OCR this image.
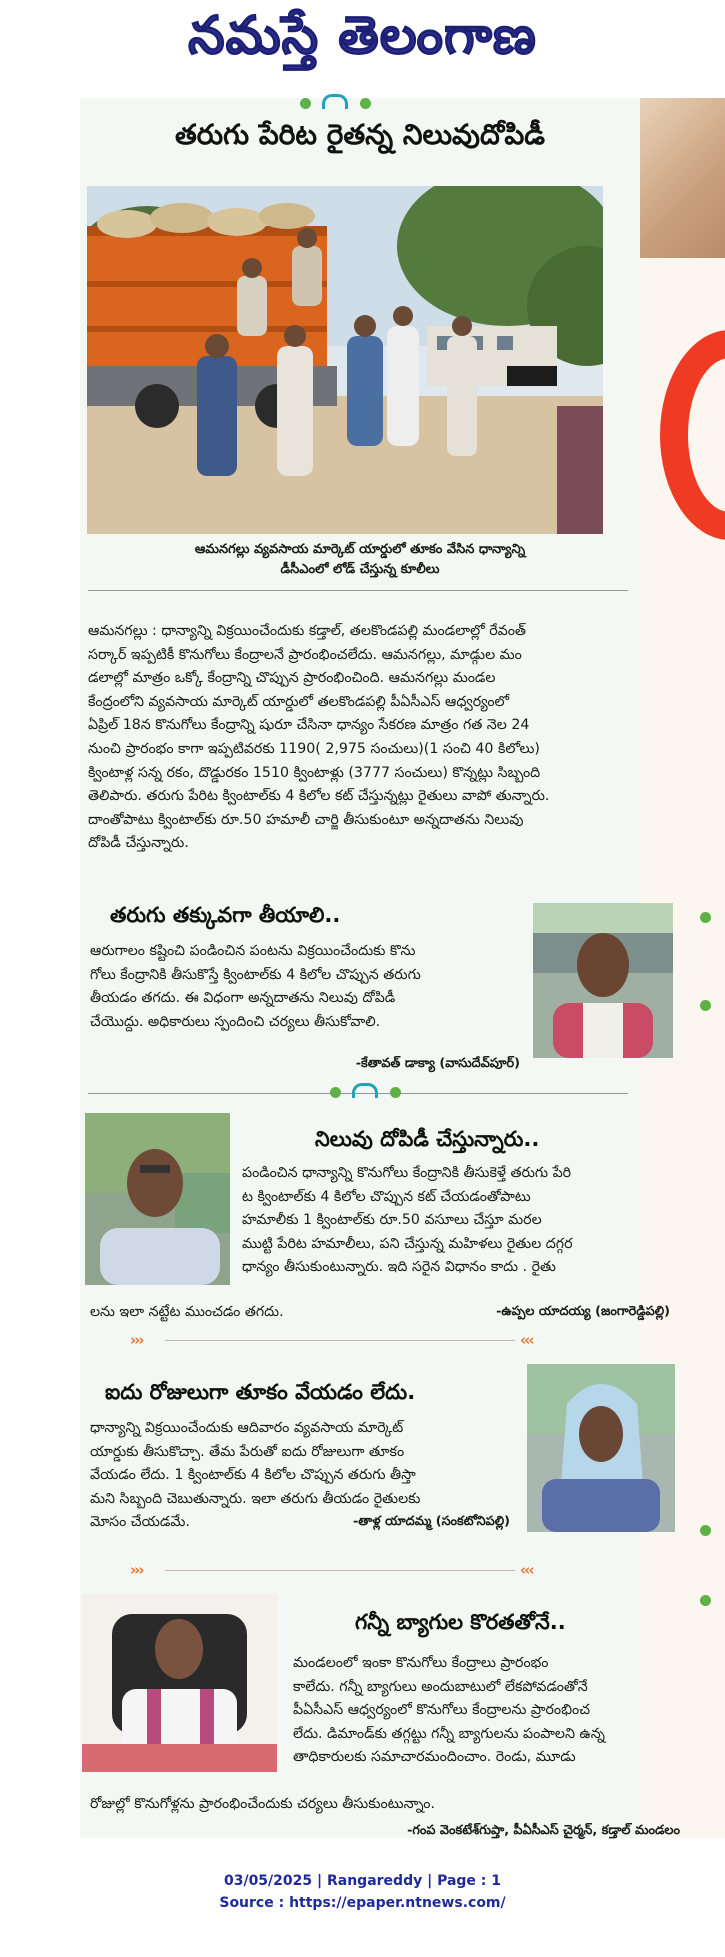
నమస్తే తెలంగాణ
తరుగు పేరిట రైతన్న నిలువుదోపిడీ
ఆమనగల్లు వ్యవసాయ మార్కెట్ యార్డులో తూకం వేసిన ధాన్యాన్ని
డీసీఎంలో లోడ్ చేస్తున్న కూలీలు
ఆమనగల్లు : ధాన్యాన్ని విక్రయించేందుకు కడ్తాల్, తలకొండపల్లి మండలాల్లో రేవంత్
సర్కార్ ఇప్పటికీ కొనుగోలు కేంద్రాలనే ప్రారంభించలేదు. ఆమనగల్లు, మాడ్గుల మం
డలాల్లో మాత్రం ఒక్కో కేంద్రాన్ని చొప్పున ప్రారంభించింది. ఆమనగల్లు మండల
కేంద్రంలోని వ్యవసాయ మార్కెట్ యార్డులో తలకొండపల్లి పీఏసీఎస్ ఆధ్వర్యంలో
ఏప్రిల్ 18న కొనుగోలు కేంద్రాన్ని షురూ చేసినా ధాన్యం సేకరణ మాత్రం గత నెల 24
నుంచి ప్రారంభం కాగా ఇప్పటివరకు 1190( 2,975 సంచులు)(1 సంచి 40 కిలోలు)
క్వింటాళ్ల సన్న రకం, దొడ్డురకం 1510 క్వింటాళ్లు (3777 సంచులు) కొన్నట్లు సిబ్బంది
తెలిపారు. తరుగు పేరిట క్వింటాల్‌కు 4 కిలోల కట్ చేస్తున్నట్లు రైతులు వాపో తున్నారు.
దాంతోపాటు క్వింటాల్‌కు రూ.50 హమాలీ చార్జి తీసుకుంటూ అన్నదాతను నిలువు
దోపిడీ చేస్తున్నారు.
తరుగు తక్కువగా తీయాలి..
ఆరుగాలం కష్టించి పండించిన పంటను విక్రయించేందుకు కొను
గోలు కేంద్రానికి తీసుకొస్తే క్వింటాల్‌కు 4 కిలోల చొప్పున తరుగు
తీయడం తగదు. ఈ విధంగా అన్నదాతను నిలువు దోపిడీ
చేయొద్దు. అధికారులు స్పందించి చర్యలు తీసుకోవాలి.
-కేతావత్ డాక్యా (వాసుదేవ్‌పూర్)
నిలువు దోపిడీ చేస్తున్నారు..
పండించిన ధాన్యాన్ని కొనుగోలు కేంద్రానికి తీసుకెళ్తే తరుగు పేరి
ట క్వింటాల్‌కు 4 కిలోల చొప్పున కట్ చేయడంతోపాటు
హమాలీకు 1 క్వింటాల్‌కు రూ.50 వసూలు చేస్తూ మరల
ముట్టి పేరిట హమాలీలు, పని చేస్తున్న మహిళలు రైతుల దగ్గర
ధాన్యం తీసుకుంటున్నారు. ఇది సరైన విధానం కాదు . రైతు
లను ఇలా నట్టేట ముంచడం తగదు.	-ఉప్పల యాదయ్య (జంగారెడ్డిపల్లి)
›››	‹‹‹
ఐదు రోజులుగా తూకం వేయడం లేదు.
ధాన్యాన్ని విక్రయించేందుకు ఆదివారం వ్యవసాయ మార్కెట్
యార్డుకు తీసుకొచ్చా. తేమ పేరుతో ఐదు రోజులుగా తూకం
వేయడం లేదు. 1 క్వింటాల్‌కు 4 కిలోల చొప్పున తరుగు తీస్తా
మని సిబ్బంది చెబుతున్నారు. ఇలా తరుగు తీయడం రైతులకు
మోసం చేయడమే.	-తాళ్ల యాదమ్మ (సంకటోనిపల్లి)
›››	‹‹‹
గన్నీ బ్యాగుల కొరతతోనే..
మండలంలో ఇంకా కొనుగోలు కేంద్రాలు ప్రారంభం
కాలేదు. గన్నీ బ్యాగులు అందుబాటులో లేకపోవడంతోనే
పీఏసీఎస్ ఆధ్వర్యంలో కొనుగోలు కేంద్రాలను ప్రారంభించ
లేదు. డిమాండ్‌కు తగ్గట్టు గన్నీ బ్యాగులను పంపాలని ఉన్న
తాధికారులకు సమాచారమందించాం. రెండు, మూడు
రోజుల్లో కొనుగోళ్లను ప్రారంభించేందుకు చర్యలు తీసుకుంటున్నాం.
-గంప వెంకటేశ్‌గుప్తా, పీఏసీఎస్ చైర్మన్, కడ్తాల్ మండలం
03/05/2025 | Rangareddy | Page : 1
Source : https://epaper.ntnews.com/
